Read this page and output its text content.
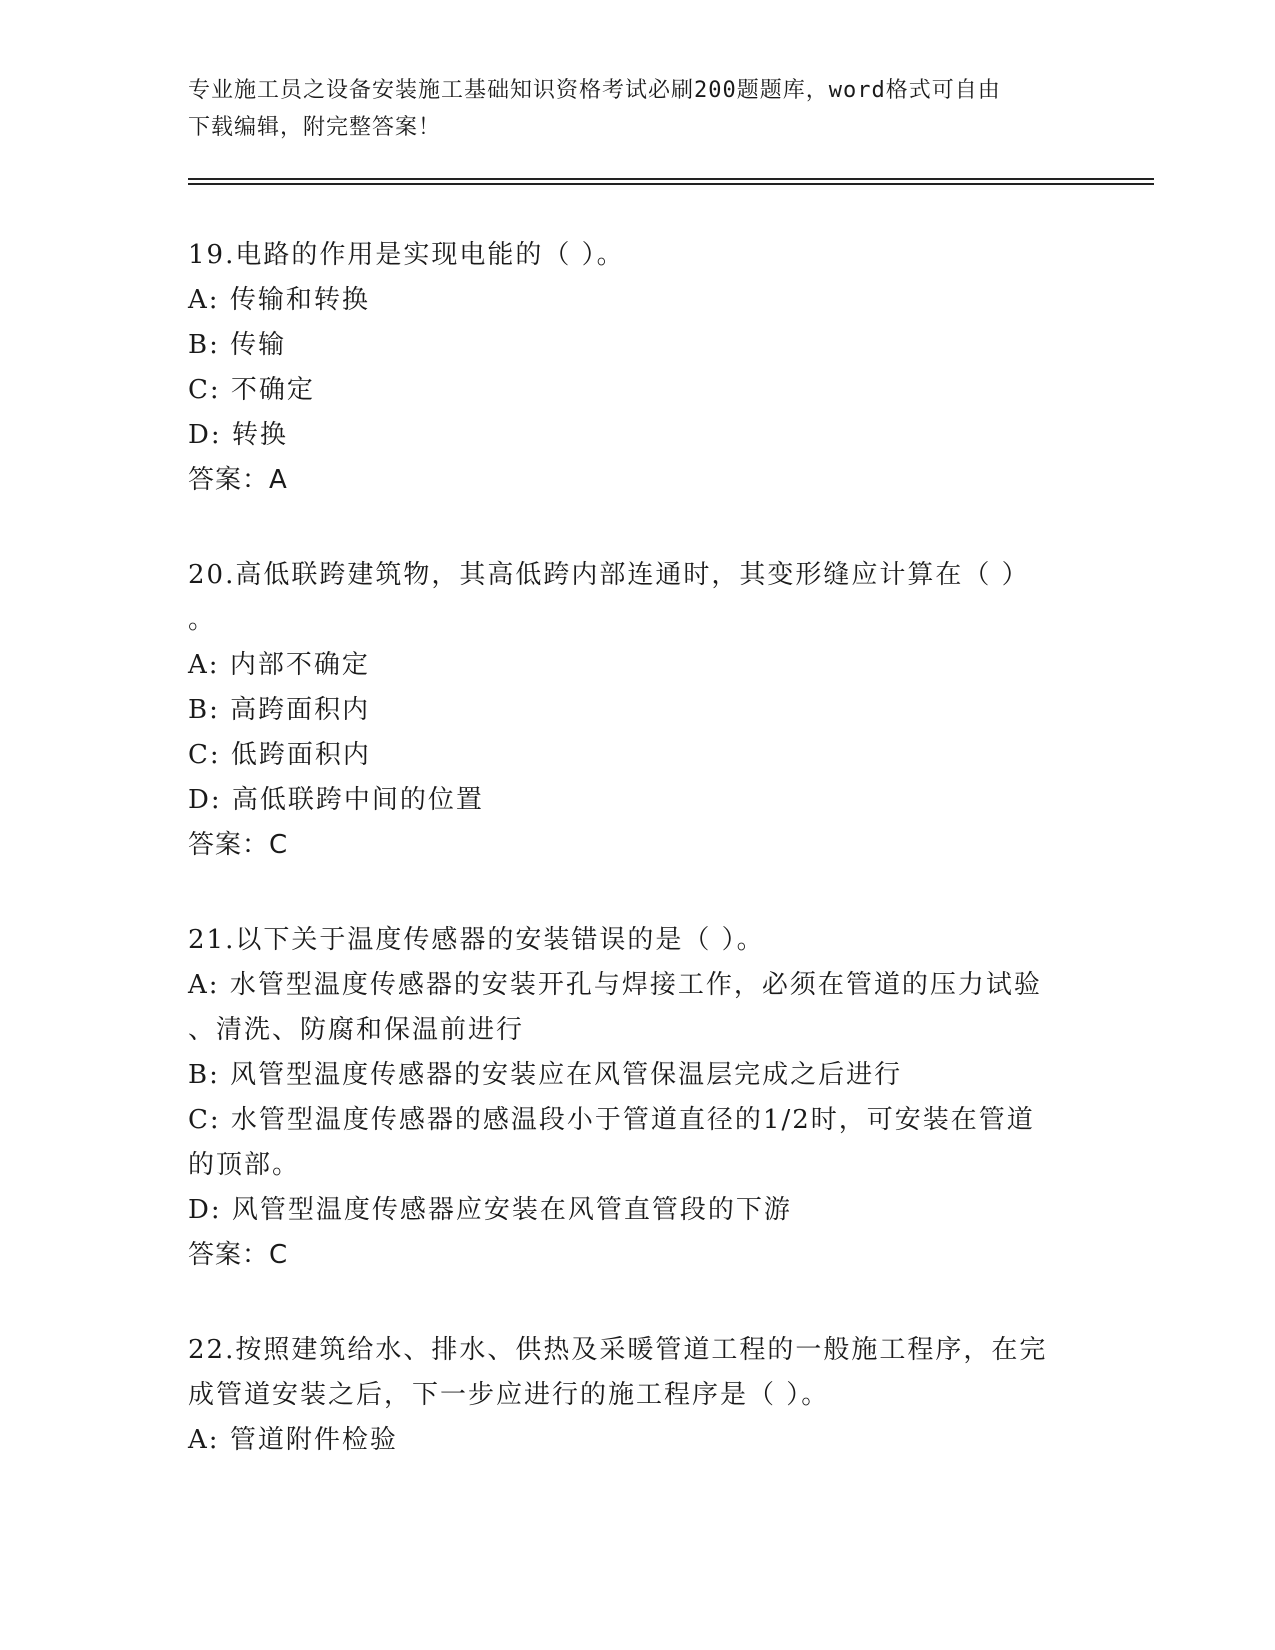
专业施工员之设备安装施工基础知识资格考试必刷200题题库，word格式可自由
下载编辑，附完整答案！
19.电路的作用是实现电能的（ ）。
A: 传输和转换
B: 传输
C: 不确定
D: 转换
答案：A
20.高低联跨建筑物，其高低跨内部连通时，其变形缝应计算在（ ）
。
A: 内部不确定
B: 高跨面积内
C: 低跨面积内
D: 高低联跨中间的位置
答案：C
21.以下关于温度传感器的安装错误的是（ ）。
A: 水管型温度传感器的安装开孔与焊接工作，必须在管道的压力试验
、清洗、防腐和保温前进行
B: 风管型温度传感器的安装应在风管保温层完成之后进行
C: 水管型温度传感器的感温段小于管道直径的1/2时，可安装在管道
的顶部。
D: 风管型温度传感器应安装在风管直管段的下游
答案：C
22.按照建筑给水、排水、供热及采暖管道工程的一般施工程序，在完
成管道安装之后，下一步应进行的施工程序是（ ）。
A: 管道附件检验
